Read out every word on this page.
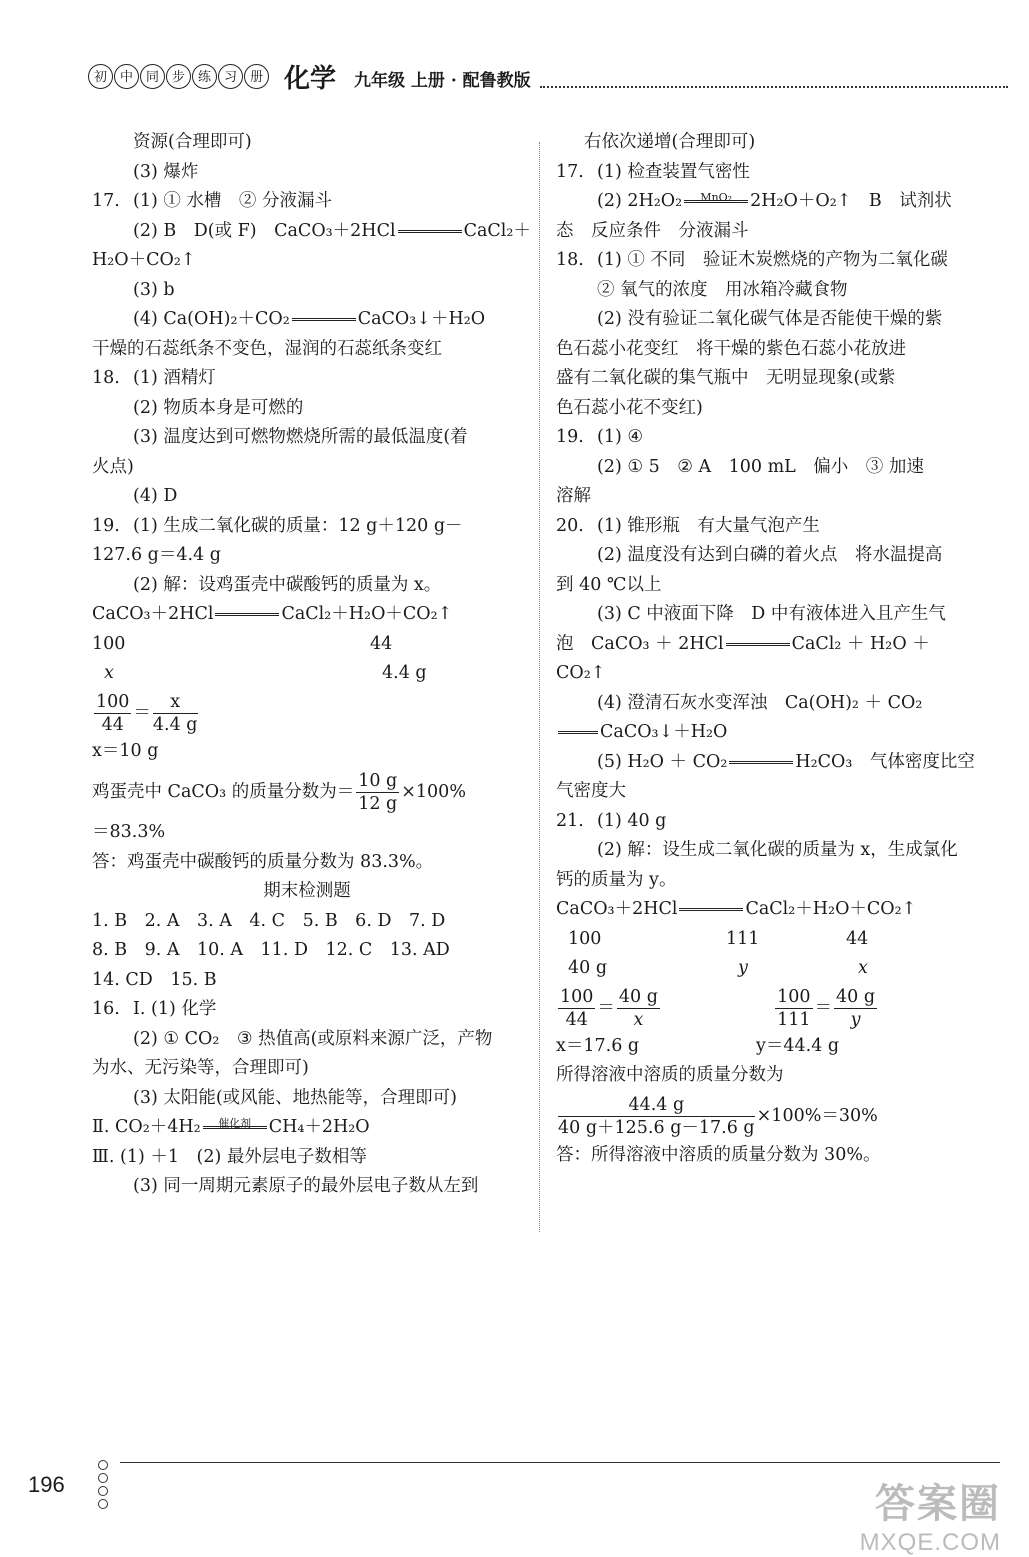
初 中 同 步 练 习 册 化学 九年级 上册 · 配鲁教版
资源(合理即可)
(3) 爆炸
17. (1) ① 水槽　② 分液漏斗
(2) B　D(或 F)　CaCO₃＋2HCl	CaCl₂＋
H₂O＋CO₂↑
(3) b
(4) Ca(OH)₂＋CO₂	CaCO₃↓＋H₂O
干燥的石蕊纸条不变色，湿润的石蕊纸条变红
18. (1) 酒精灯
(2) 物质本身是可燃的
(3) 温度达到可燃物燃烧所需的最低温度(着
火点)
(4) D
19. (1) 生成二氧化碳的质量：12 g＋120 g－
127.6 g＝4.4 g
(2) 解：设鸡蛋壳中碳酸钙的质量为 x。
CaCO₃＋2HCl	CaCl₂＋H₂O＋CO₂↑
100	44
x	4.4 g
$\frac{100}{44} = \frac{x}{4.4 g}$
x＝10 g
鸡蛋壳中 CaCO₃ 的质量分数为＝ $\frac{10 g}{12 g} \times 100\%$
＝83.3%
答：鸡蛋壳中碳酸钙的质量分数为 83.3%。
期末检测题
1. B　2. A　3. A　4. C　5. B　6. D　7. D
8. B　9. A　10. A　11. D　12. C　13. AD
14. CD　15. B
16. Ⅰ. (1) 化学
(2) ① CO₂　③ 热值高(或原料来源广泛，产物
为水、无污染等，合理即可)
(3) 太阳能(或风能、地热能等，合理即可)
Ⅱ. CO₂＋4H₂	催化剂	CH₄＋2H₂O
Ⅲ. (1) ＋1　(2) 最外层电子数相等
(3) 同一周期元素原子的最外层电子数从左到
右依次递增(合理即可)
17. (1) 检查装置气密性
(2) 2H₂O₂	MnO₂	2H₂O＋O₂↑　B　试剂状
态　反应条件　分液漏斗
18. (1) ① 不同　验证木炭燃烧的产物为二氧化碳
② 氧气的浓度　用冰箱冷藏食物
(2) 没有验证二氧化碳气体是否能使干燥的紫
色石蕊小花变红　将干燥的紫色石蕊小花放进
盛有二氧化碳的集气瓶中　无明显现象(或紫
色石蕊小花不变红)
19. (1) ④
(2) ① 5　② A　100 mL　偏小　③ 加速
溶解
20. (1) 锥形瓶　有大量气泡产生
(2) 温度没有达到白磷的着火点　将水温提高
到 40 ℃以上
(3) C 中液面下降　D 中有液体进入且产生气
泡　CaCO₃ ＋ 2HCl	CaCl₂ ＋ H₂O ＋
CO₂↑
(4) 澄清石灰水变浑浊　Ca(OH)₂ ＋ CO₂
CaCO₃↓＋H₂O
(5) H₂O ＋ CO₂	H₂CO₃　气体密度比空
气密度大
21. (1) 40 g
(2) 解：设生成二氧化碳的质量为 x，生成氯化
钙的质量为 y。
CaCO₃＋2HCl	CaCl₂＋H₂O＋CO₂↑
100	111	44
40 g	y	x
$\frac{100}{44} = \frac{40 g}{x}$
	$\frac{100}{111} = \frac{40 g}{y}$
x＝17.6 g	y＝44.4 g
所得溶液中溶质的质量分数为
$\frac{44.4 g}{40 g+125.6 g-17.6 g} \times 100\%=30\%$
答：所得溶液中溶质的质量分数为 30%。
196	答案圈
MXQE.COM
